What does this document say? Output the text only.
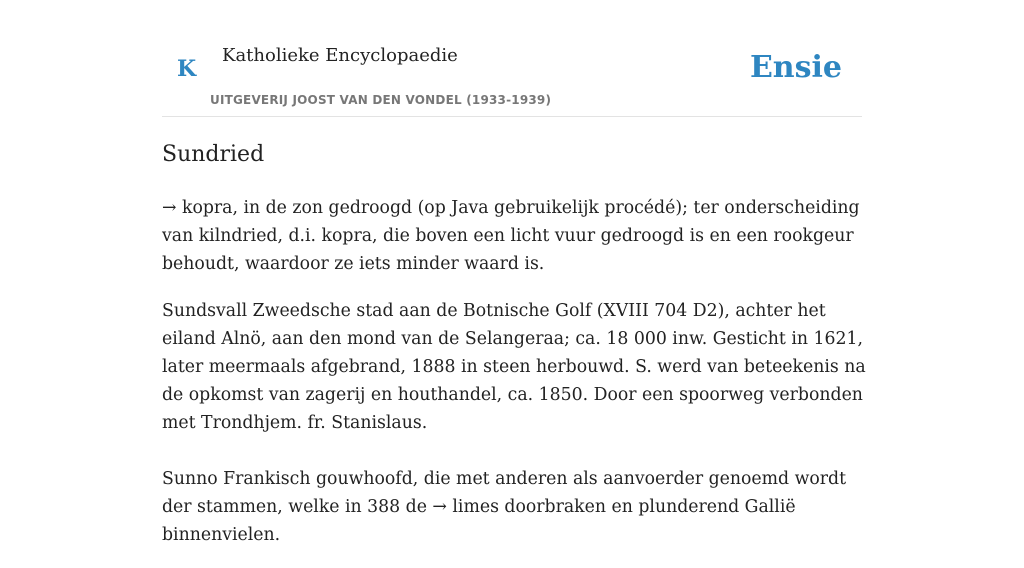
K
Katholieke Encyclopaedie
UITGEVERIJ JOOST VAN DEN VONDEL (1933-1939)
Ensie
Sundried

→ kopra, in de zon gedroogd (op Java gebruikelijk procédé); ter onderscheiding van kilndried, d.i. kopra, die boven een licht vuur gedroogd is en een rookgeur behoudt, waardoor ze iets minder waard is.

Sundsvall Zweedsche stad aan de Botnische Golf (XVIII 704 D2), achter het eiland Alnö, aan den mond van de Selangeraa; ca. 18 000 inw. Gesticht in 1621, later meermaals afgebrand, 1888 in steen herbouwd. S. werd van beteekenis na de opkomst van zagerij en houthandel, ca. 1850. Door een spoorweg verbonden met Trondhjem. fr. Stanislaus.

Sunno Frankisch gouwhoofd, die met anderen als aanvoerder genoemd wordt der stammen, welke in 388 de → limes doorbraken en plunderend Gallië binnenvielen.
